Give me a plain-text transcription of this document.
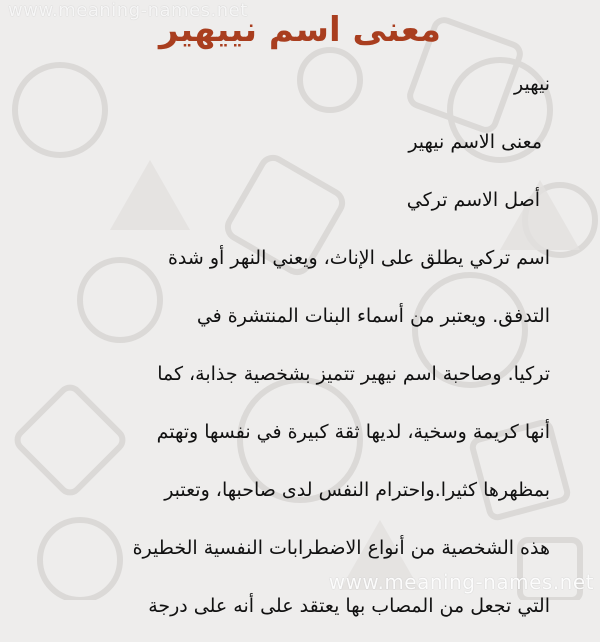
www.meaning-names.net
معنى اسم نييهير
نيهير
معنى الاسم نيهير
أصل الاسم تركي
اسم تركي يطلق على الإناث، ويعني النهر أو شدة
التدفق. ويعتبر من أسماء البنات المنتشرة في
تركيا. وصاحبة اسم نيهير تتميز بشخصية جذابة، كما
أنها كريمة وسخية، لديها ثقة كبيرة في نفسها وتهتم
بمظهرها كثيرا.واحترام النفس لدى صاحبها، وتعتبر
هذه الشخصية من أنواع الاضطرابات النفسية الخطيرة
التي تجعل من المصاب بها يعتقد على أنه على درجة
www.meaning-names.net
